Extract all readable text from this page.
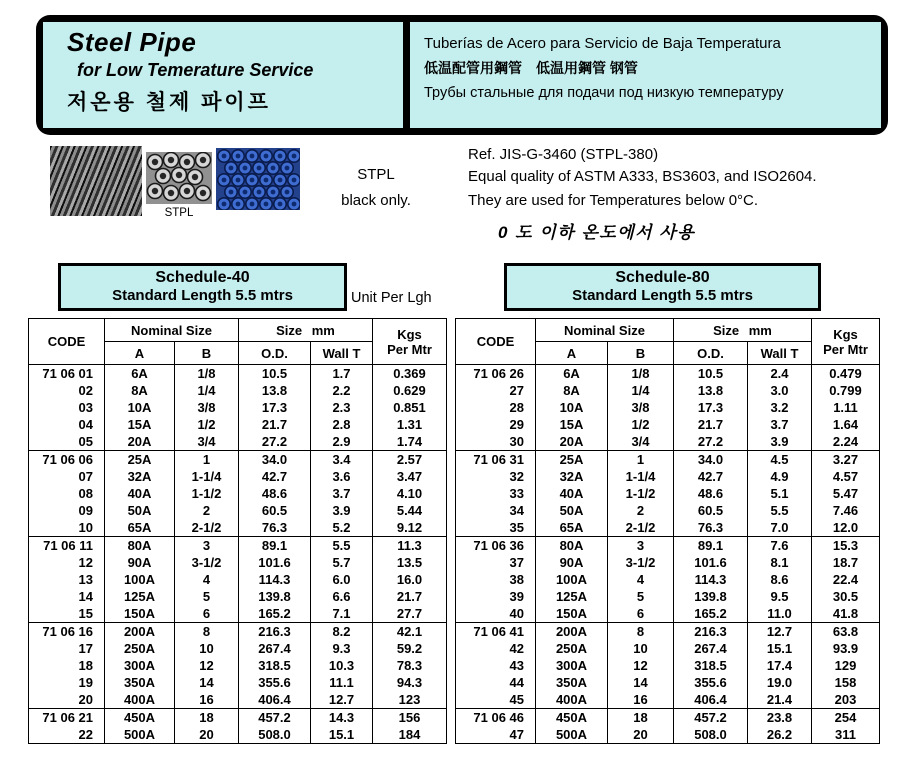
Steel Pipe
for Low Temerature Service
저온용 철제 파이프
Tuberías de Acero para Servicio de Baja Temperatura
低温配管用鋼管　低温用鋼管 钢管
Трубы стальные для подачи под низкую температуру
STPL
STPL
black only.
Ref. JIS-G-3460 (STPL-380)
Equal quality of ASTM A333, BS3603, and ISO2604.
They are used for Temperatures below 0°C.
0 도 이하 온도에서 사용
Schedule-40
Standard Length 5.5 mtrs	Unit Per Lgh
Schedule-80
Standard Length 5.5 mtrs
CODE	Nominal Size		Size mm		Kgs
Per Mtr
	A	B	O.D.	Wall T	
71 06 01	6A	1/8	10.5	1.7	0.369
02	8A	1/4	13.8	2.2	0.629
03	10A	3/8	17.3	2.3	0.851
04	15A	1/2	21.7	2.8	1.31
05	20A	3/4	27.2	2.9	1.74
71 06 06	25A	1	34.0	3.4	2.57
07	32A	1-1/4	42.7	3.6	3.47
08	40A	1-1/2	48.6	3.7	4.10
09	50A	2	60.5	3.9	5.44
10	65A	2-1/2	76.3	5.2	9.12
71 06 11	80A	3	89.1	5.5	11.3
12	90A	3-1/2	101.6	5.7	13.5
13	100A	4	114.3	6.0	16.0
14	125A	5	139.8	6.6	21.7
15	150A	6	165.2	7.1	27.7
71 06 16	200A	8	216.3	8.2	42.1
17	250A	10	267.4	9.3	59.2
18	300A	12	318.5	10.3	78.3
19	350A	14	355.6	11.1	94.3
20	400A	16	406.4	12.7	123
71 06 21	450A	18	457.2	14.3	156
22	500A	20	508.0	15.1	184
CODE	Nominal Size		Size mm		Kgs
Per Mtr
	A	B	O.D.	Wall T	
71 06 26	6A	1/8	10.5	2.4	0.479
27	8A	1/4	13.8	3.0	0.799
28	10A	3/8	17.3	3.2	1.11
29	15A	1/2	21.7	3.7	1.64
30	20A	3/4	27.2	3.9	2.24
71 06 31	25A	1	34.0	4.5	3.27
32	32A	1-1/4	42.7	4.9	4.57
33	40A	1-1/2	48.6	5.1	5.47
34	50A	2	60.5	5.5	7.46
35	65A	2-1/2	76.3	7.0	12.0
71 06 36	80A	3	89.1	7.6	15.3
37	90A	3-1/2	101.6	8.1	18.7
38	100A	4	114.3	8.6	22.4
39	125A	5	139.8	9.5	30.5
40	150A	6	165.2	11.0	41.8
71 06 41	200A	8	216.3	12.7	63.8
42	250A	10	267.4	15.1	93.9
43	300A	12	318.5	17.4	129
44	350A	14	355.6	19.0	158
45	400A	16	406.4	21.4	203
71 06 46	450A	18	457.2	23.8	254
47	500A	20	508.0	26.2	311
